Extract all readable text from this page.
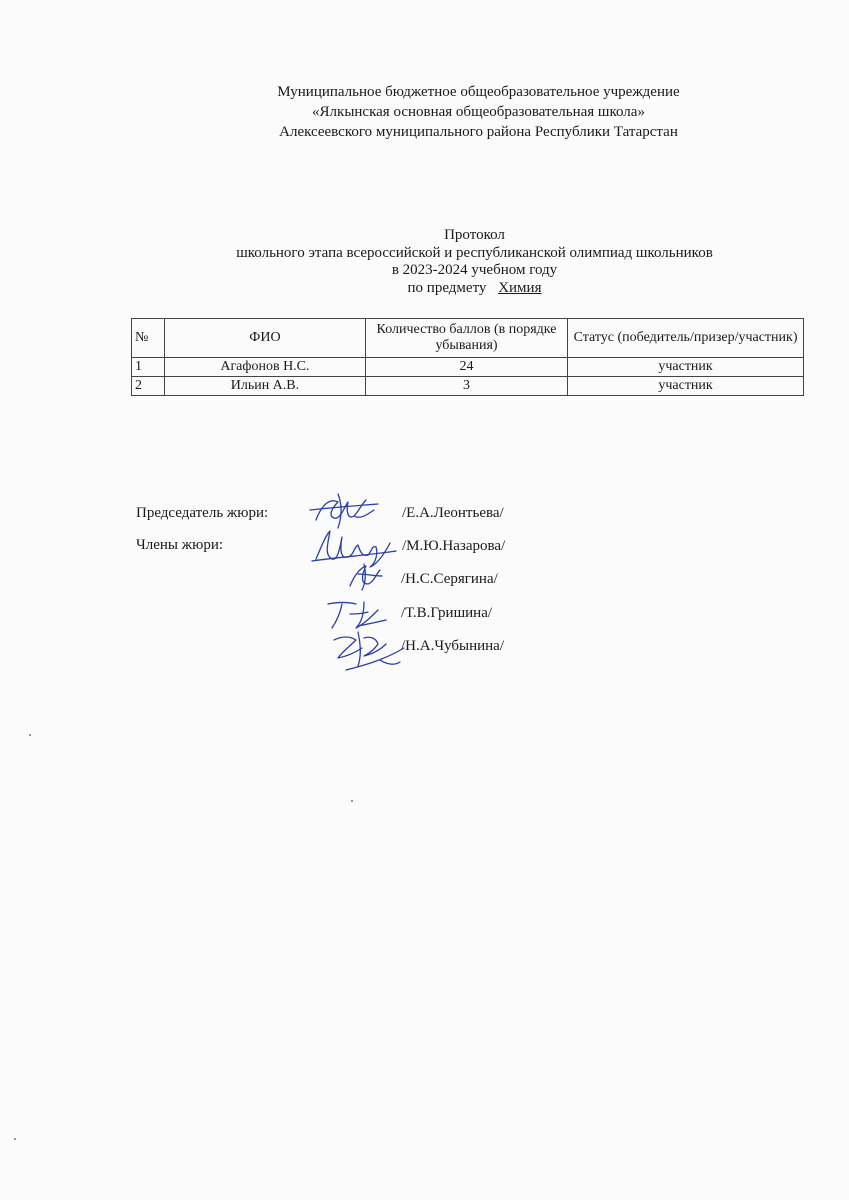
Муниципальное бюджетное общеобразовательное учреждение
«Ялкынская основная общеобразовательная школа»
Алексеевского муниципального района Республики Татарстан
Протокол
школьного этапа всероссийской и республиканской олимпиад школьников
в 2023-2024 учебном году
по предмету Химия
№	ФИО	Количество баллов (в порядке убывания)	Статус (победитель/призер/участник)
1	Агафонов Н.С.	24	участник
2	Ильин А.В.	3	участник
Председатель жюри:
Члены жюри:
/Е.А.Леонтьева/
/М.Ю.Назарова/
/Н.С.Серягина/
/Т.В.Гришина/
/Н.А.Чубынина/
